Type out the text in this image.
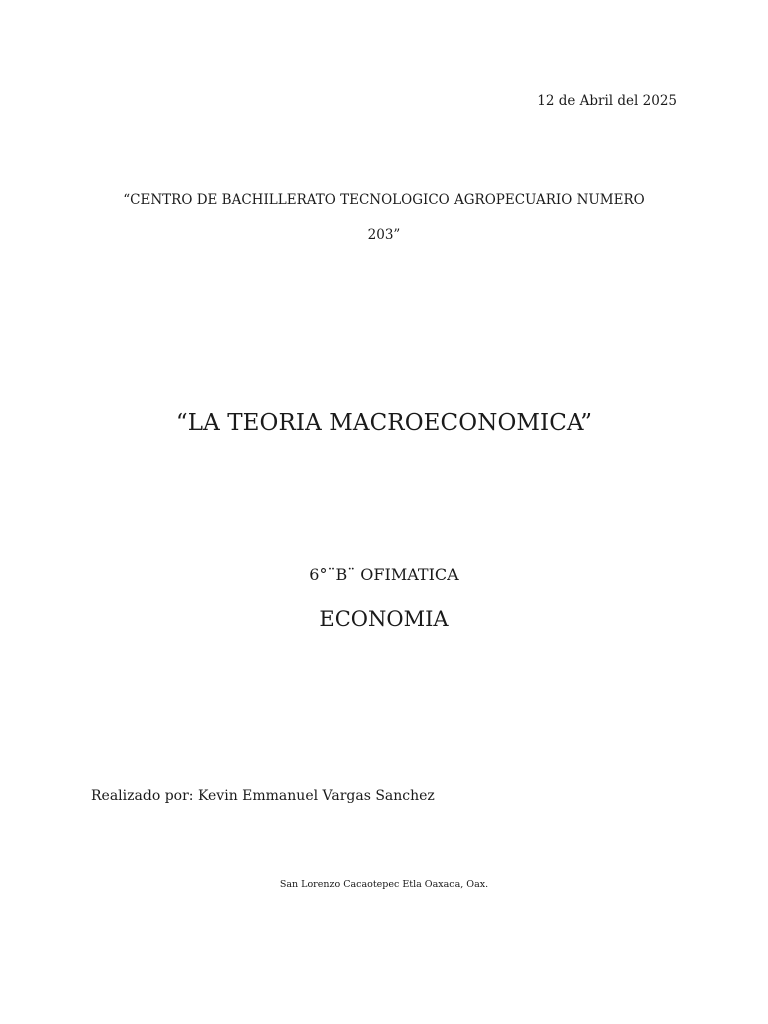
12 de Abril del 2025
“CENTRO DE BACHILLERATO TECNOLOGICO AGROPECUARIO NUMERO
203”
“LA TEORIA MACROECONOMICA”
6°¨B¨ OFIMATICA
ECONOMIA
Realizado por: Kevin Emmanuel Vargas Sanchez
San Lorenzo Cacaotepec Etla Oaxaca, Oax.
